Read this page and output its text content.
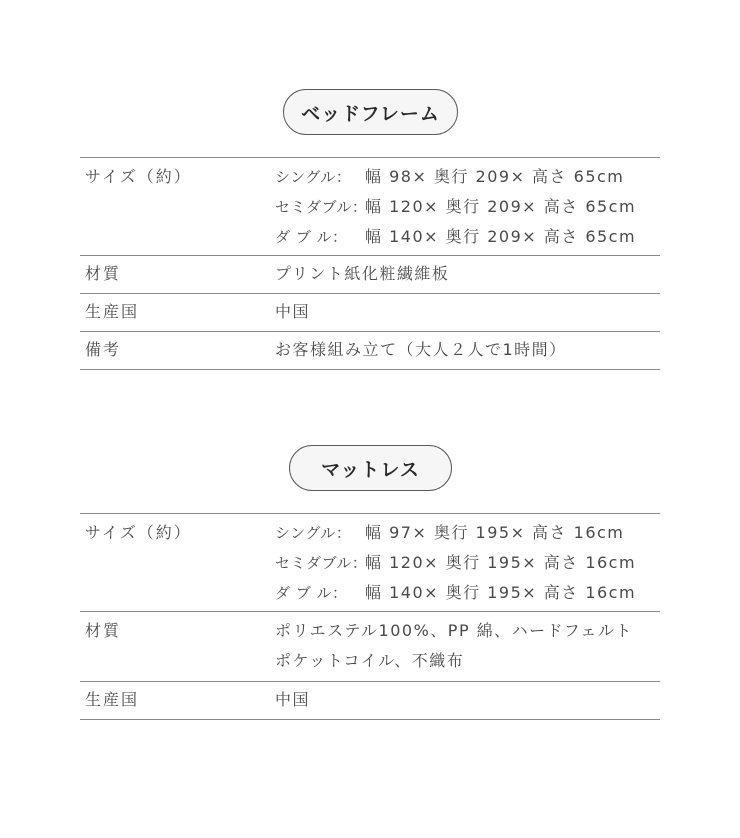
ベッドフレーム
サイズ（約）	シングル： 幅 98× 奥行 209× 高さ 65cm
セミダブル：幅 120× 奥行 209× 高さ 65cm
ダ ブ ル： 幅 140× 奥行 209× 高さ 65cm
材質	プリント紙化粧繊維板
生産国	中国
備考	お客様組み立て（大人２人で1時間）
マットレス
サイズ（約）	シングル： 幅 97× 奥行 195× 高さ 16cm
セミダブル：幅 120× 奥行 195× 高さ 16cm
ダ ブ ル： 幅 140× 奥行 195× 高さ 16cm
材質	ポリエステル100%、PP 綿、ハードフェルト
ポケットコイル、不織布
生産国	中国
